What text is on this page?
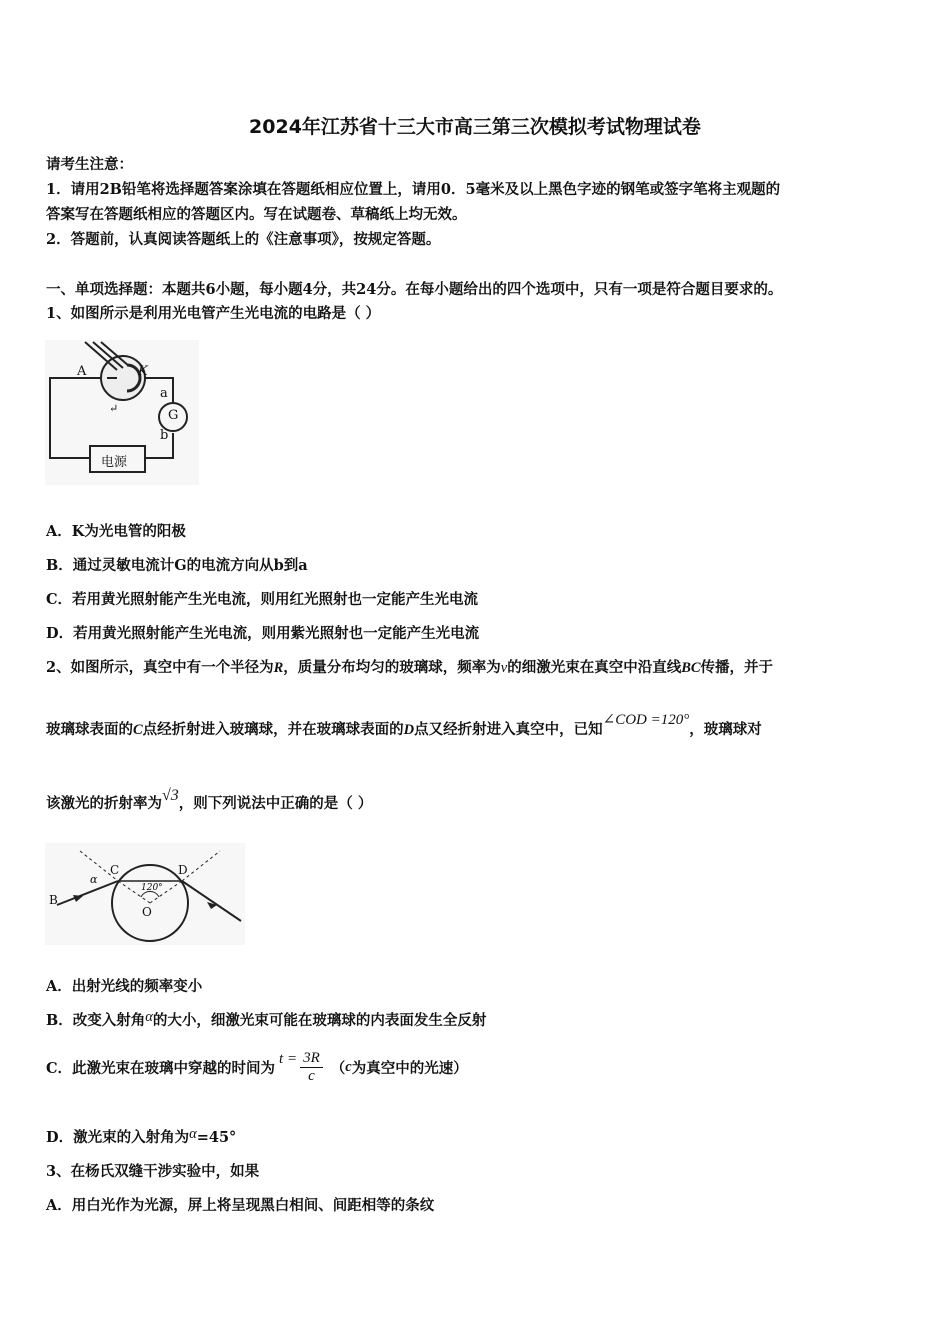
2024年江苏省十三大市高三第三次模拟考试物理试卷
请考生注意：
1．请用2B铅笔将选择题答案涂填在答题纸相应位置上，请用0．5毫米及以上黑色字迹的钢笔或签字笔将主观题的
答案写在答题纸相应的答题区内。写在试题卷、草稿纸上均无效。
2．答题前，认真阅读答题纸上的《注意事项》，按规定答题。
一、单项选择题：本题共6小题，每小题4分，共24分。在每小题给出的四个选项中，只有一项是符合题目要求的。
1、如图所示是利用光电管产生光电流的电路是（ ）
A	K
↵
a
b
G
电源
A．K为光电管的阳极
B．通过灵敏电流计G的电流方向从b到a
C．若用黄光照射能产生光电流，则用红光照射也一定能产生光电流
D．若用黄光照射能产生光电流，则用紫光照射也一定能产生光电流
2、如图所示，真空中有一个半径为R，质量分布均匀的玻璃球，频率为ν的细激光束在真空中沿直线BC传播，并于
玻璃球表面的C点经折射进入玻璃球，并在玻璃球表面的D点又经折射进入真空中，已知∠COD =120°，玻璃球对
该激光的折射率为√3，则下列说法中正确的是（ ）
B
C	D
O
α
120°
A．出射光线的频率变小
B．改变入射角α的大小，细激光束可能在玻璃球的内表面发生全反射
C．此激光束在玻璃中穿越的时间为
$t = \frac{3R}{c}$ （ c 为真空中的光速）
D．激光束的入射角为α=45°
3、在杨氏双缝干涉实验中，如果
A．用白光作为光源，屏上将呈现黑白相间、间距相等的条纹
